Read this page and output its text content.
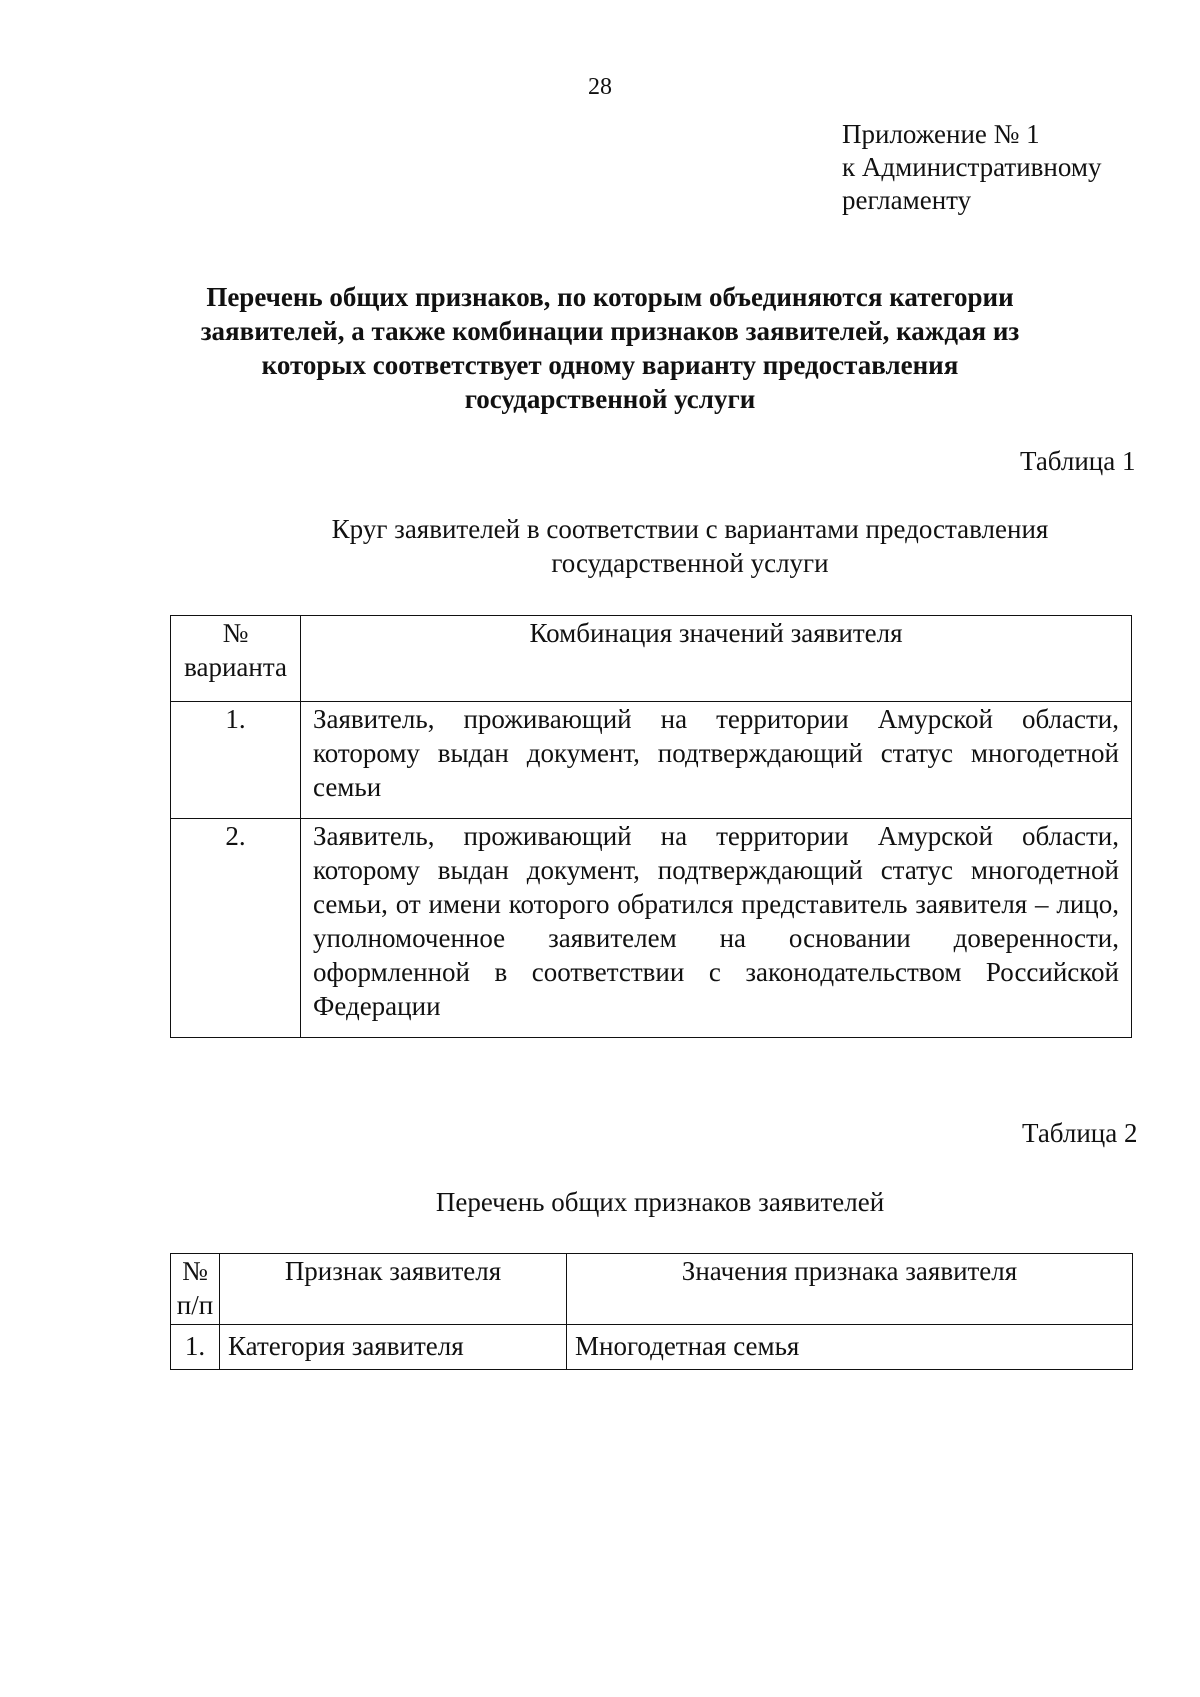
28
Приложение № 1
к Административному
регламенту
Перечень общих признаков, по которым объединяются категории
заявителей, а также комбинации признаков заявителей, каждая из
которых соответствует одному варианту предоставления
государственной услуги
Таблица 1
Круг заявителей в соответствии с вариантами предоставления
государственной услуги
№
варианта	Комбинация значений заявителя
1.	Заявитель, проживающий на территории Амурской области, которому выдан документ, подтверждающий статус многодетной семьи
2.	Заявитель, проживающий на территории Амурской области, которому выдан документ, подтверждающий статус многодетной семьи, от имени которого обратился представитель заявителя – лицо, уполномоченное заявителем на основании доверенности, оформленной в соответствии с законодательством Российской Федерации
Таблица 2
Перечень общих признаков заявителей
№
п/п	Признак заявителя	Значения признака заявителя
1.	Категория заявителя	Многодетная семья
